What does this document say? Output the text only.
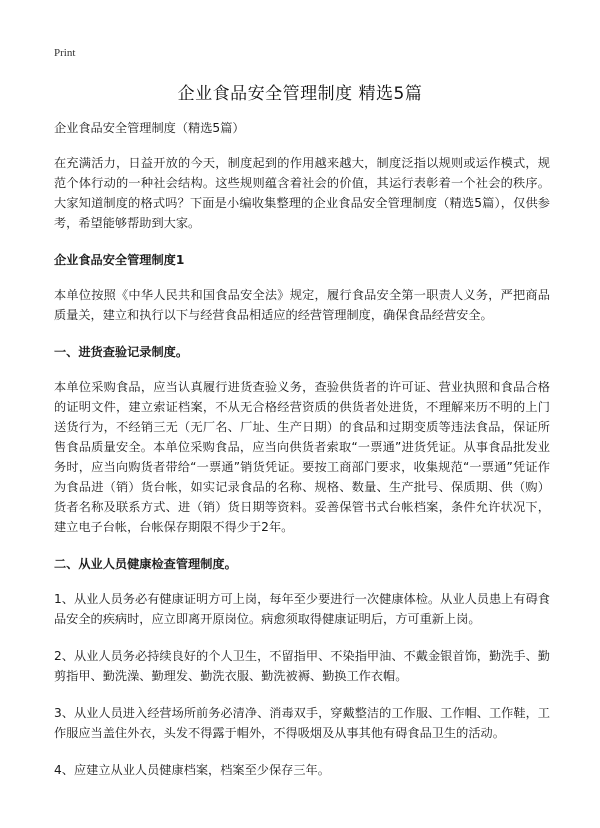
Print
企业食品安全管理制度 精选5篇
企业食品安全管理制度（精选5篇）
在充满活力，日益开放的今天，制度起到的作用越来越大，制度泛指以规则或运作模式，规范个体行动的一种社会结构。这些规则蕴含着社会的价值，其运行表彰着一个社会的秩序。大家知道制度的格式吗？下面是小编收集整理的企业食品安全管理制度（精选5篇），仅供参考，希望能够帮助到大家。
企业食品安全管理制度1
本单位按照《中华人民共和国食品安全法》规定，履行食品安全第一职责人义务，严把商品质量关，建立和执行以下与经营食品相适应的经营管理制度，确保食品经营安全。
一、进货查验记录制度。
本单位采购食品，应当认真履行进货查验义务，查验供货者的许可证、营业执照和食品合格的证明文件，建立索证档案，不从无合格经营资质的供货者处进货，不理解来历不明的上门送货行为，不经销三无（无厂名、厂址、生产日期）的食品和过期变质等违法食品，保证所售食品质量安全。本单位采购食品，应当向供货者索取“一票通”进货凭证。从事食品批发业务时，应当向购货者带给“一票通”销货凭证。要按工商部门要求，收集规范“一票通”凭证作为食品进（销）货台帐，如实记录食品的名称、规格、数量、生产批号、保质期、供（购）货者名称及联系方式、进（销）货日期等资料。妥善保管书式台帐档案，条件允许状况下，建立电子台帐，台帐保存期限不得少于2年。
二、从业人员健康检查管理制度。
1、从业人员务必有健康证明方可上岗，每年至少要进行一次健康体检。从业人员患上有碍食品安全的疾病时，应立即离开原岗位。病愈须取得健康证明后，方可重新上岗。
2、从业人员务必持续良好的个人卫生，不留指甲、不染指甲油、不戴金银首饰，勤洗手、勤剪指甲、勤洗澡、勤理发、勤洗衣服、勤洗被褥、勤换工作衣帽。
3、从业人员进入经营场所前务必清净、消毒双手，穿戴整洁的工作服、工作帽、工作鞋，工作服应当盖住外衣，头发不得露于帽外，不得吸烟及从事其他有碍食品卫生的活动。
4、应建立从业人员健康档案，档案至少保存三年。
